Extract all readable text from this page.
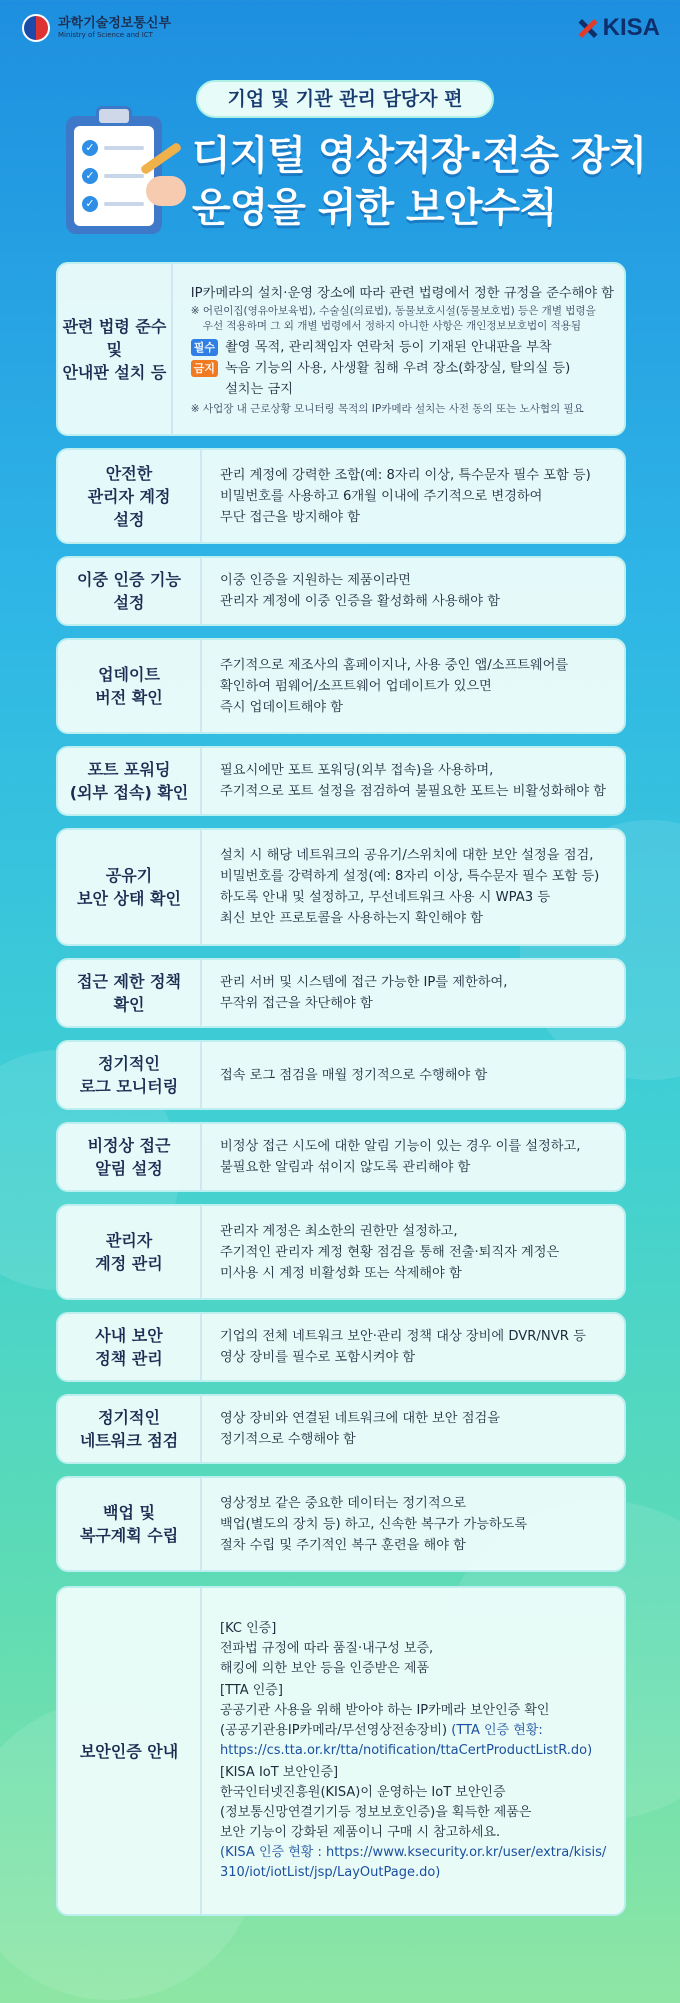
과학기술정보통신부
Ministry of Science and ICT	KISA
✓
✓
✓
기업 및 기관 관리 담당자 편
디지털 영상저장·전송 장치
운영을 위한 보안수칙
관련 법령 준수
및
안내판 설치 등
IP카메라의 설치·운영 장소에 따라 관련 법령에서 정한 규정을 준수해야 함
※ 어린이집(영유아보육법), 수술실(의료법), 동물보호시설(동물보호법) 등은 개별 법령을
우선 적용하며 그 외 개별 법령에서 정하지 아니한 사항은 개인정보보호법이 적용됨
필수 촬영 목적, 관리책임자 연락처 등이 기재된 안내판을 부착
금지 녹음 기능의 사용, 사생활 침해 우려 장소(화장실, 탈의실 등)
설치는 금지
※ 사업장 내 근로상황 모니터링 목적의 IP카메라 설치는 사전 동의 또는 노사협의 필요
안전한
관리자 계정
설정
관리 계정에 강력한 조합(예: 8자리 이상, 특수문자 필수 포함 등)
비밀번호를 사용하고 6개월 이내에 주기적으로 변경하여
무단 접근을 방지해야 함
이중 인증 기능
설정
이중 인증을 지원하는 제품이라면
관리자 계정에 이중 인증을 활성화해 사용해야 함
업데이트
버전 확인
주기적으로 제조사의 홈페이지나, 사용 중인 앱/소프트웨어를
확인하여 펌웨어/소프트웨어 업데이트가 있으면
즉시 업데이트해야 함
포트 포워딩
(외부 접속) 확인
필요시에만 포트 포워딩(외부 접속)을 사용하며,
주기적으로 포트 설정을 점검하여 불필요한 포트는 비활성화해야 함
공유기
보안 상태 확인
설치 시 해당 네트워크의 공유기/스위치에 대한 보안 설정을 점검,
비밀번호를 강력하게 설정(예: 8자리 이상, 특수문자 필수 포함 등)
하도록 안내 및 설정하고, 무선네트워크 사용 시 WPA3 등
최신 보안 프로토콜을 사용하는지 확인해야 함
접근 제한 정책
확인
관리 서버 및 시스템에 접근 가능한 IP를 제한하여,
무작위 접근을 차단해야 함
정기적인
로그 모니터링
접속 로그 점검을 매월 정기적으로 수행해야 함
비정상 접근
알림 설정
비정상 접근 시도에 대한 알림 기능이 있는 경우 이를 설정하고,
불필요한 알림과 섞이지 않도록 관리해야 함
관리자
계정 관리
관리자 계정은 최소한의 권한만 설정하고,
주기적인 관리자 계정 현황 점검을 통해 전출·퇴직자 계정은
미사용 시 계정 비활성화 또는 삭제해야 함
사내 보안
정책 관리
기업의 전체 네트워크 보안·관리 정책 대상 장비에 DVR/NVR 등
영상 장비를 필수로 포함시켜야 함
정기적인
네트워크 점검
영상 장비와 연결된 네트워크에 대한 보안 점검을
정기적으로 수행해야 함
백업 및
복구계획 수립
영상정보 같은 중요한 데이터는 정기적으로
백업(별도의 장치 등) 하고, 신속한 복구가 가능하도록
절차 수립 및 주기적인 복구 훈련을 해야 함
보안인증 안내
[KC 인증]
전파법 규정에 따라 품질·내구성 보증,
해킹에 의한 보안 등을 인증받은 제품
[TTA 인증]
공공기관 사용을 위해 받아야 하는 IP카메라 보안인증 확인
(공공기관용IP카메라/무선영상전송장비) (TTA 인증 현황:
https://cs.tta.or.kr/tta/notification/ttaCertProductListR.do)
[KISA IoT 보안인증]
한국인터넷진흥원(KISA)이 운영하는 IoT 보안인증
(정보통신망연결기기등 정보보호인증)을 획득한 제품은
보안 기능이 강화된 제품이니 구매 시 참고하세요.
(KISA 인증 현황 : https://www.ksecurity.or.kr/user/extra/kisis/
310/iot/iotList/jsp/LayOutPage.do)
